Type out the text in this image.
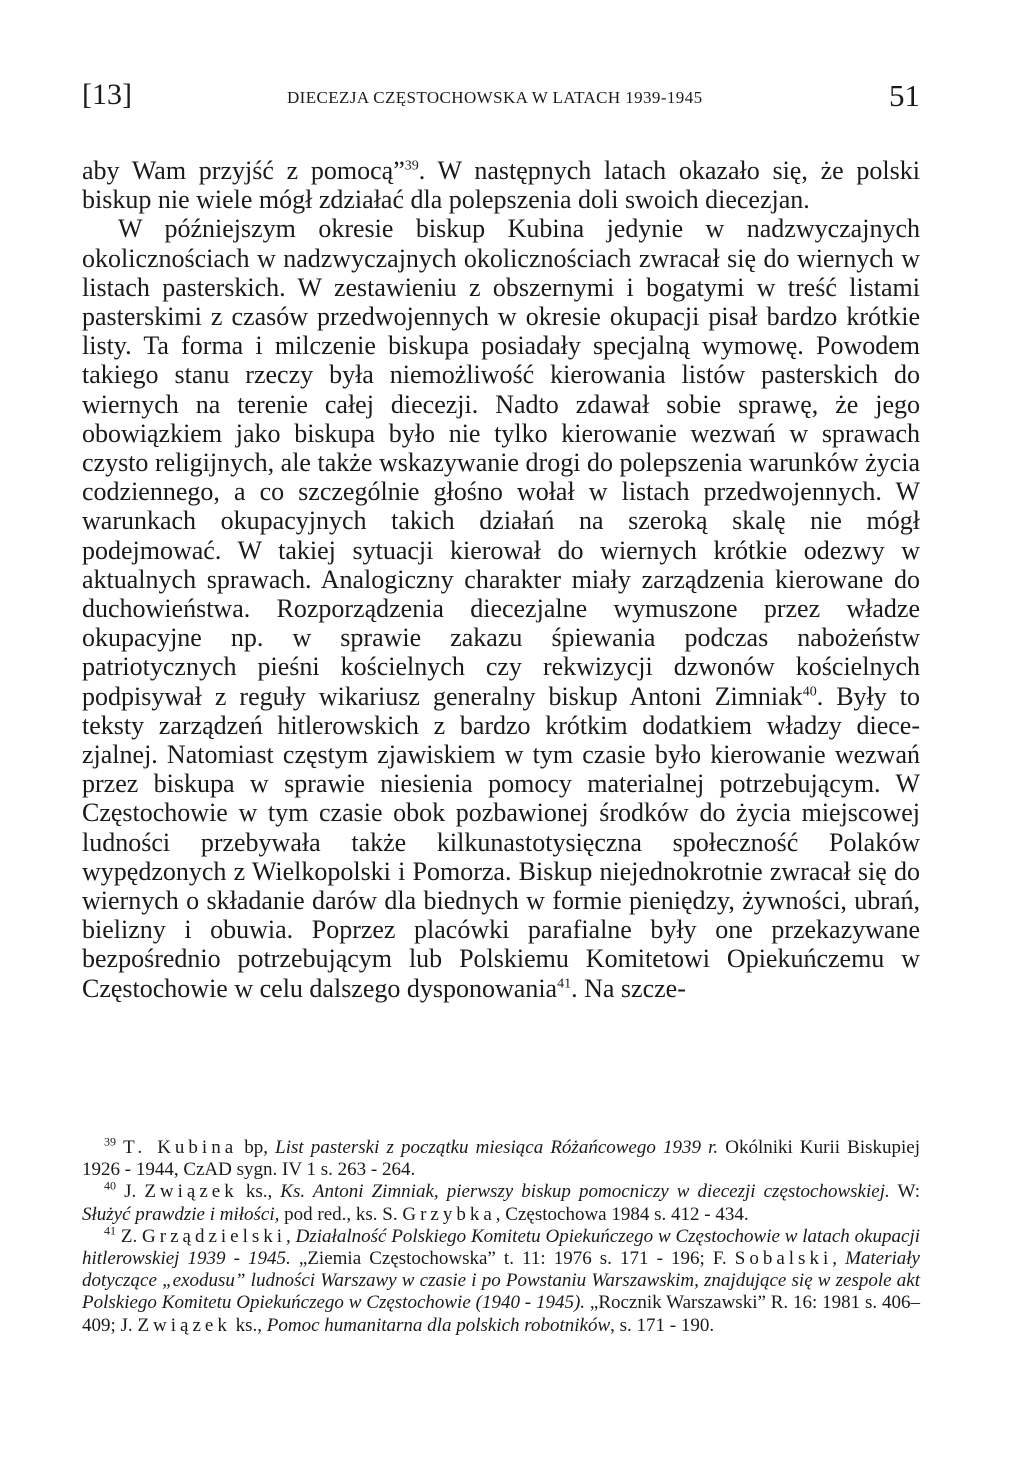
[13]	DIECEZJA CZĘSTOCHOWSKA W LATACH 1939-1945	51

aby Wam przyjść z pomocą”$^{39}$. W następnych latach okazało się, że polski biskup nie wiele mógł zdziałać dla polepszenia doli swoich diecezjan.

W późniejszym okresie biskup Kubina jedynie w nadzwyczajnych okolicznościach w nadzwyczajnych okolicznościach zwracał się do wiernych w listach pasterskich. W zestawieniu z obszernymi i bogatymi w treść listami pasterskimi z czasów przedwojennych w okresie okupacji pisał bardzo krótkie listy. Ta forma i milczenie biskupa posiadały specjalną wymowę. Powodem takiego stanu rzeczy była niemożliwość kierowania listów pasterskich do wiernych na terenie całej diecezji. Nadto zdawał sobie sprawę, że jego obowiązkiem jako biskupa było nie tylko kierowanie wezwań w sprawach czysto religijnych, ale także wskazywanie drogi do polepszenia warunków życia codziennego, a co szczególnie głośno wołał w listach przedwojennych. W warunkach okupacyjnych takich działań na szeroką skalę nie mógł podejmować. W takiej sytuacji kierował do wiernych krótkie odezwy w aktualnych sprawach. Analogiczny charakter miały zarządzenia kierowane do duchowieństwa. Rozporządzenia diecezjalne wymuszone przez władze okupacyjne np. w sprawie zakazu śpiewania podczas nabożeństw patriotycznych pieśni kościelnych czy rekwizycji dzwonów kościelnych podpisywał z reguły wikariusz generalny biskup Antoni Zimniak$^{40}$. Były to teksty zarządzeń hitlerowskich z bardzo krótkim dodatkiem władzy diecezjalnej. Natomiast częstym zjawiskiem w tym czasie było kierowanie wezwań przez biskupa w sprawie niesienia pomocy materialnej potrzebującym. W Częstochowie w tym czasie obok pozbawionej środków do życia miejscowej ludności przebywała także kilkunastotysięczna społeczność Polaków wypędzonych z Wielkopolski i Pomorza. Biskup niejednokrotnie zwracał się do wiernych o składanie darów dla biednych w formie pieniędzy, żywności, ubrań, bielizny i obuwia. Poprzez placówki parafialne były one przekazywane bezpośrednio potrzebującym lub Polskiemu Komitetowi Opiekuńczemu w Częstochowie w celu dalszego dysponowania$^{41}$. Na szcze-

$^{39}$ T. Kubina bp, List pasterski z początku miesiąca Różańcowego 1939 r. Okólniki Kurii Biskupiej 1926 - 1944, CzAD sygn. IV 1 s. 263 - 264.

$^{40}$ J. Związek ks., Ks. Antoni Zimniak, pierwszy biskup pomocniczy w diecezji częstochowskiej. W: Służyć prawdzie i miłości, pod red., ks. S. Grzybka, Częstochowa 1984 s. 412 - 434.

$^{41}$ Z. Grządzielski, Działalność Polskiego Komitetu Opiekuńczego w Częstochowie w latach okupacji hitlerowskiej 1939 - 1945. „Ziemia Częstochowska” t. 11: 1976 s. 171 - 196; F. Sobalski, Materiały dotyczące „exodusu” ludności Warszawy w czasie i po Powstaniu Warszawskim, znajdujące się w zespole akt Polskiego Komitetu Opiekuńczego w Częstochowie (1940 - 1945). „Rocznik Warszawski” R. 16: 1981 s. 406–409; J. Związek ks., Pomoc humanitarna dla polskich robotników, s. 171 - 190.
